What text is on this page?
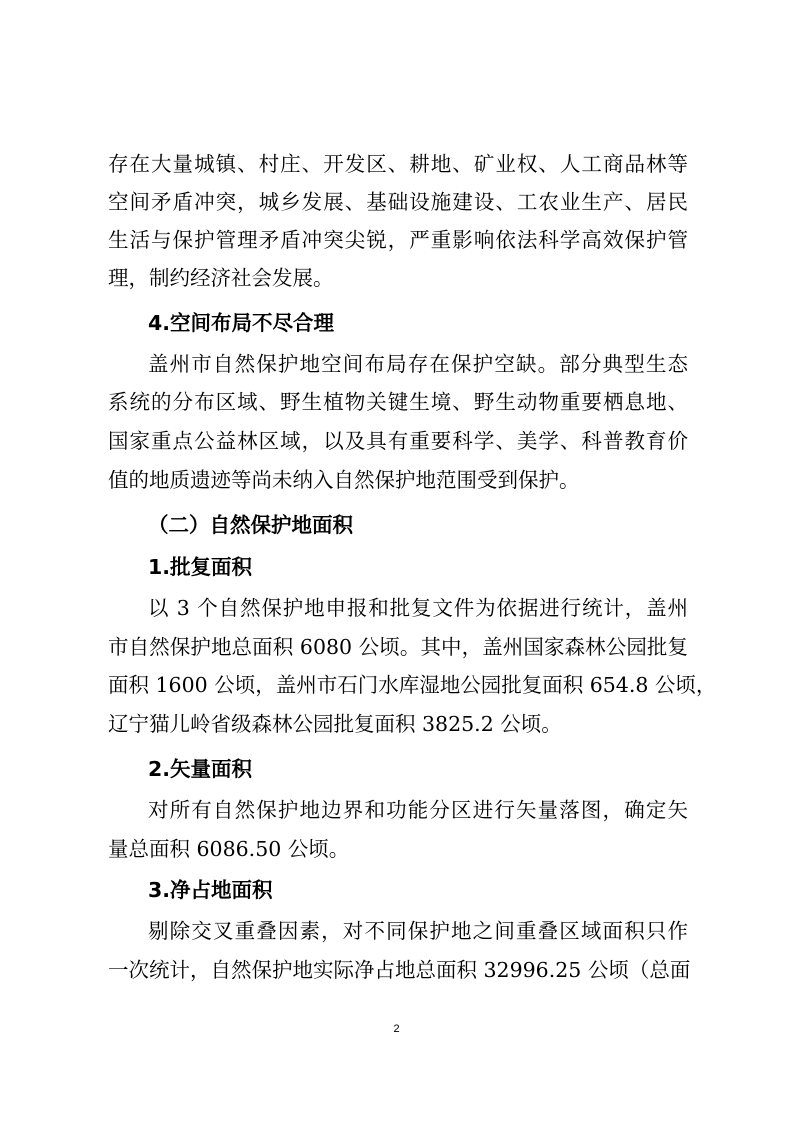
存在大量城镇、村庄、开发区、耕地、矿业权、人工商品林等
空间矛盾冲突，城乡发展、基础设施建设、工农业生产、居民
生活与保护管理矛盾冲突尖锐，严重影响依法科学高效保护管
理，制约经济社会发展。
4.空间布局不尽合理
盖州市自然保护地空间布局存在保护空缺。部分典型生态
系统的分布区域、野生植物关键生境、野生动物重要栖息地、
国家重点公益林区域，以及具有重要科学、美学、科普教育价
值的地质遗迹等尚未纳入自然保护地范围受到保护。
（二）自然保护地面积
1.批复面积
以 3 个自然保护地申报和批复文件为依据进行统计，盖州
市自然保护地总面积 6080 公顷。其中，盖州国家森林公园批复
面积 1600 公顷，盖州市石门水库湿地公园批复面积 654.8 公顷，
辽宁猫儿岭省级森林公园批复面积 3825.2 公顷。
2.矢量面积
对所有自然保护地边界和功能分区进行矢量落图，确定矢
量总面积 6086.50 公顷。
3.净占地面积
剔除交叉重叠因素，对不同保护地之间重叠区域面积只作
一次统计，自然保护地实际净占地总面积 32996.25 公顷（总面
2
